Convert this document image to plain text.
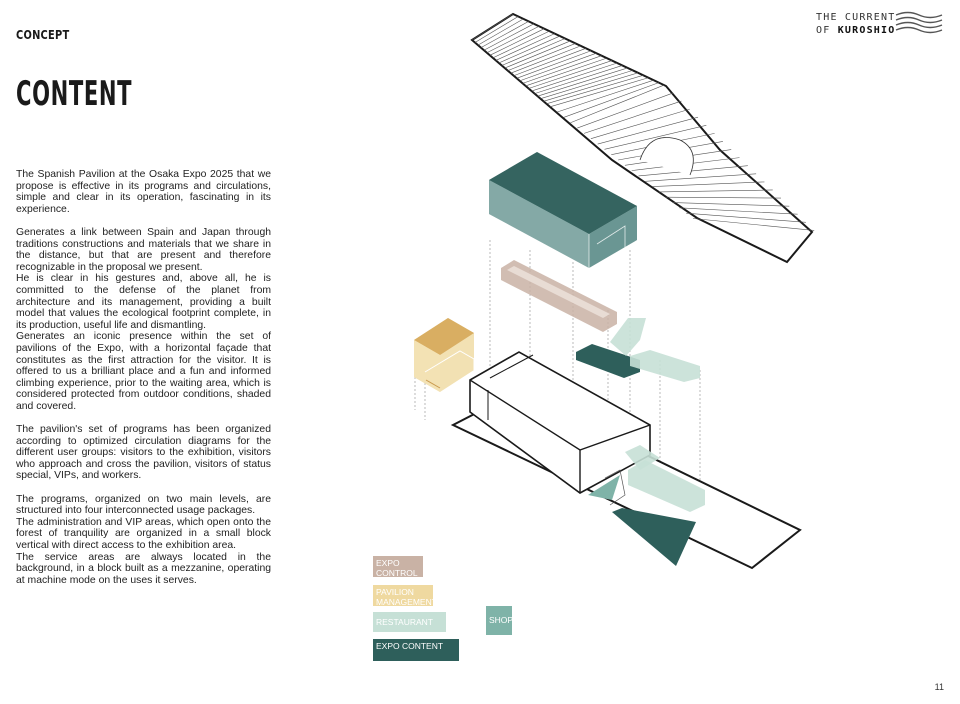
CONCEPT
CONTENT

The Spanish Pavilion at the Osaka Expo 2025 that we propose is effective in its programs and circulations, simple and clear in its operation, fascinating in its experience.

Generates a link between Spain and Japan through traditions constructions and materials that we share in the distance, but that are present and therefore recognizable in the proposal we present.

He is clear in his gestures and, above all, he is committed to the defense of the planet from architecture and its management, providing a built model that values the ecological footprint complete, in its production, useful life and dismantling.

Generates an iconic presence within the set of pavilions of the Expo, with a horizontal façade that constitutes as the first attraction for the visitor. It is offered to us a brilliant place and a fun and informed climbing experience, prior to the waiting area, which is considered protected from outdoor conditions, shaded and covered.

The pavilion's set of programs has been organized according to optimized circulation diagrams for the different user groups: visitors to the exhibition, visitors who approach and cross the pavilion, visitors of status special, VIPs, and workers.

The programs, organized on two main levels, are structured into four interconnected usage packages.

The administration and VIP areas, which open onto the forest of tranquility are organized in a small block vertical with direct access to the exhibition area.

The service areas are always located in the background, in a block built as a mezzanine, operating at machine mode on the uses it serves.

THE CURRENT
OF KUROSHIO
EXPO CONTROL
PAVILION MANAGEMENT
RESTAURANT	SHOP
EXPO CONTENT
11
